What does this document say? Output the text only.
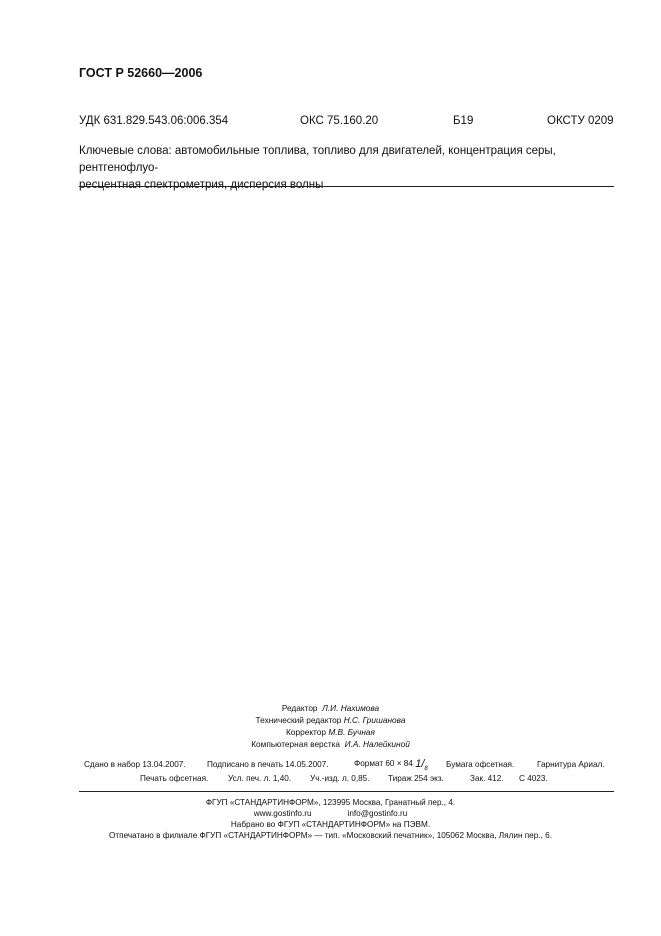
ГОСТ Р 52660—2006
УДК 631.829.543.06:006.354	ОКС 75.160.20	Б19	ОКСТУ 0209
Ключевые слова: автомобильные топлива, топливо для двигателей, концентрация серы, рентгенофлуо-
ресцентная спектрометрия, дисперсия волны
Редактор Л.И. Нахимова
Технический редактор Н.С. Гришанова
Корректор М.В. Бучная
Компьютерная верстка И.А. Налейкиной
Сдано в набор 13.04.2007.	Подписано в печать 14.05.2007.	Формат 60 × 84 $1/_8$
Бумага офсетная.	Гарнитура Ариал.
Печать офсетная. Усл. печ. л. 1,40. Уч.-изд. л. 0,85. Тираж 254 экз.	Зак. 412. С 4023.
ФГУП «СТАНДАРТИНФОРМ», 123995 Москва, Гранатный пер., 4.
www.gostinfo.ru	info@gostinfo.ru
Набрано во ФГУП «СТАНДАРТИНФОРМ» на ПЭВМ.
Отпечатано в филиале ФГУП «СТАНДАРТИНФОРМ» — тип. «Московский печатник», 105062 Москва, Лялин пер., 6.
